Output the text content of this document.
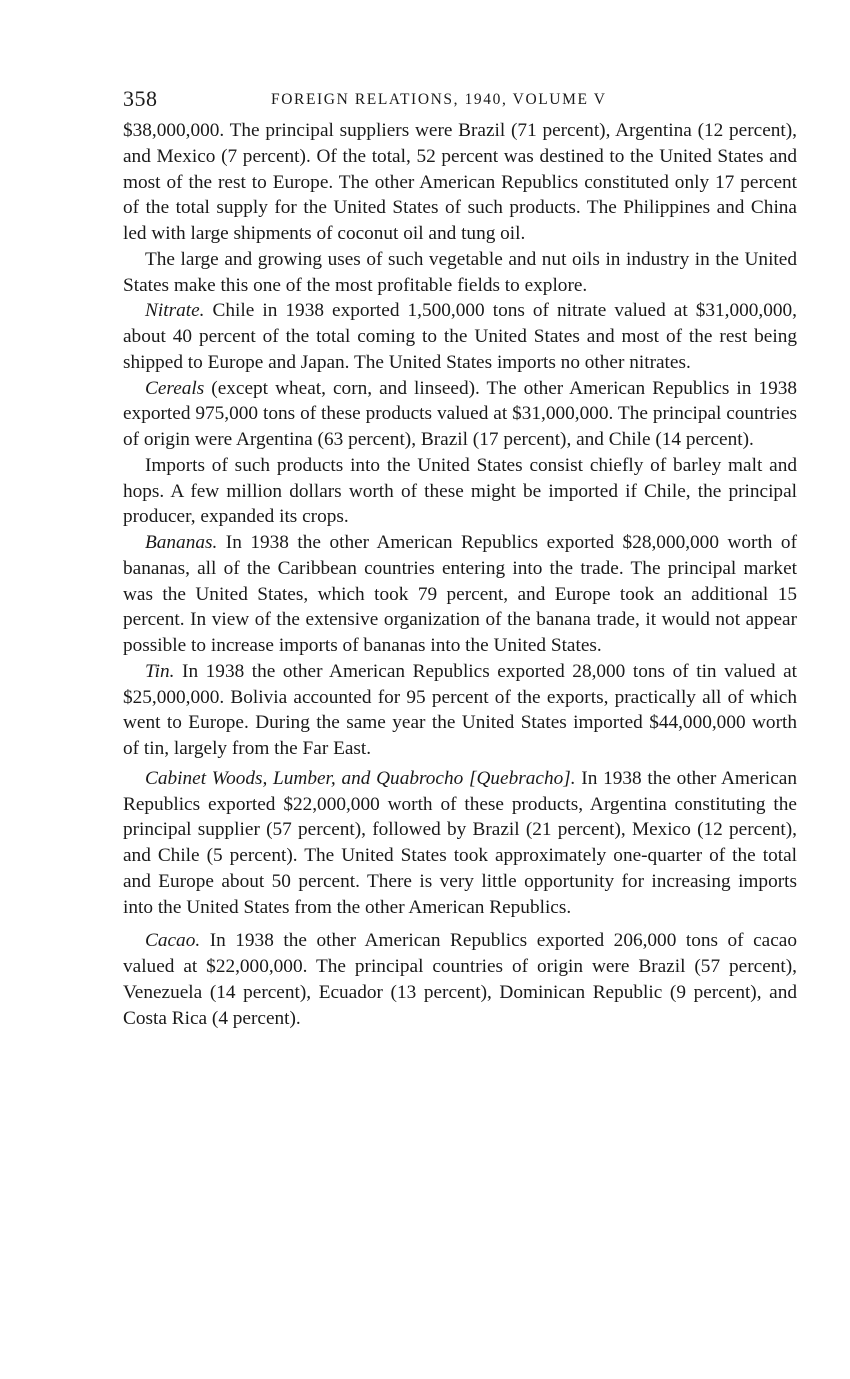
358	FOREIGN RELATIONS, 1940, VOLUME V

$38,000,000. The principal suppliers were Brazil (71 percent), Argentina (12 percent), and Mexico (7 percent). Of the total, 52 percent was destined to the United States and most of the rest to Europe. The other American Republics constituted only 17 percent of the total supply for the United States of such products. The Philippines and China led with large shipments of coconut oil and tung oil.

The large and growing uses of such vegetable and nut oils in industry in the United States make this one of the most profitable fields to explore.

Nitrate. Chile in 1938 exported 1,500,000 tons of nitrate valued at $31,000,000, about 40 percent of the total coming to the United States and most of the rest being shipped to Europe and Japan. The United States imports no other nitrates.

Cereals (except wheat, corn, and linseed). The other American Republics in 1938 exported 975,000 tons of these products valued at $31,000,000. The principal countries of origin were Argentina (63 percent), Brazil (17 percent), and Chile (14 percent).

Imports of such products into the United States consist chiefly of barley malt and hops. A few million dollars worth of these might be imported if Chile, the principal producer, expanded its crops.

Bananas. In 1938 the other American Republics exported $28,000,000 worth of bananas, all of the Caribbean countries entering into the trade. The principal market was the United States, which took 79 percent, and Europe took an additional 15 percent. In view of the extensive organization of the banana trade, it would not appear possible to increase imports of bananas into the United States.

Tin. In 1938 the other American Republics exported 28,000 tons of tin valued at $25,000,000. Bolivia accounted for 95 percent of the exports, practically all of which went to Europe. During the same year the United States imported $44,000,000 worth of tin, largely from the Far East.

Cabinet Woods, Lumber, and Quabrocho [Quebracho]. In 1938 the other American Republics exported $22,000,000 worth of these products, Argentina constituting the principal supplier (57 percent), followed by Brazil (21 percent), Mexico (12 percent), and Chile (5 percent). The United States took approximately one-quarter of the total and Europe about 50 percent. There is very little opportunity for increasing imports into the United States from the other American Republics.

Cacao. In 1938 the other American Republics exported 206,000 tons of cacao valued at $22,000,000. The principal countries of origin were Brazil (57 percent), Venezuela (14 percent), Ecuador (13 percent), Dominican Republic (9 percent), and Costa Rica (4 percent).
